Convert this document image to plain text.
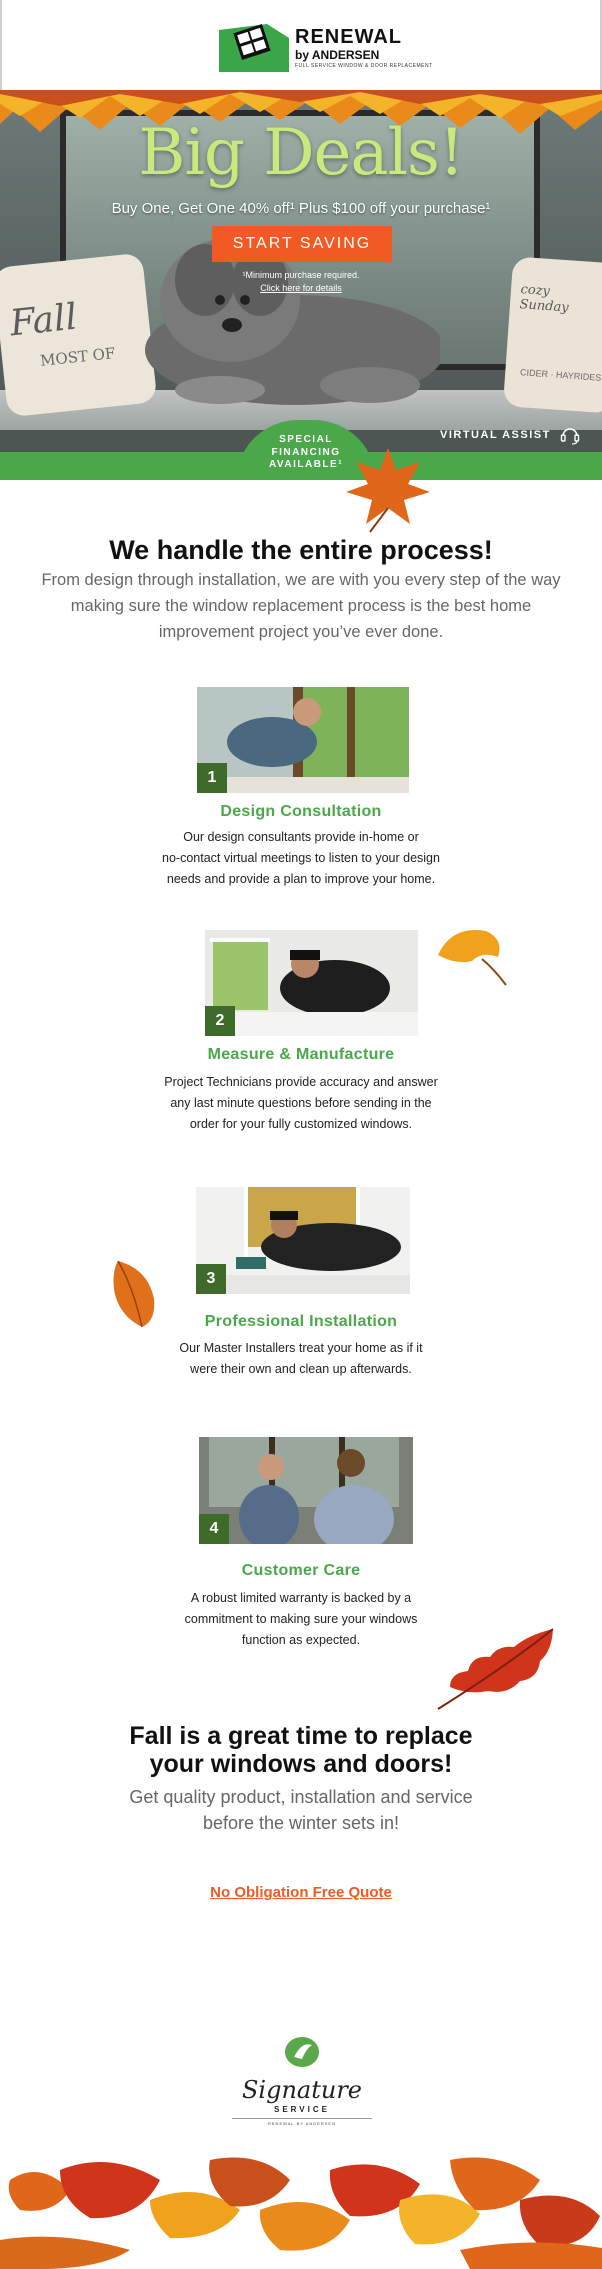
RENEWAL
by ANDERSEN
FULL SERVICE WINDOW & DOOR REPLACEMENT
Fall
MOST OF
cozy Sunday
CIDER · HAYRIDES
Big Deals!
Buy One, Get One 40% off¹ Plus $100 off your purchase¹
START SAVING
¹Minimum purchase required.
Click here for details
SPECIAL
FINANCING
AVAILABLE¹
VIRTUAL ASSIST
We handle the entire process!
From design through installation, we are with you every step of the way making sure the window replacement process is the best home improvement project you’ve ever done.
1
Design Consultation
Our design consultants provide in-home or
no-contact virtual meetings to listen to your design
needs and provide a plan to improve your home.
2
Measure & Manufacture
Project Technicians provide accuracy and answer
any last minute questions before sending in the
order for your fully customized windows.
3
Professional Installation
Our Master Installers treat your home as if it
were their own and clean up afterwards.
4
Customer Care
A robust limited warranty is backed by a
commitment to making sure your windows
function as expected.
Fall is a great time to replace
your windows and doors!
Get quality product, installation and service
before the winter sets in!
No Obligation Free Quote
Signature
SERVICE
RENEWAL BY ANDERSEN
